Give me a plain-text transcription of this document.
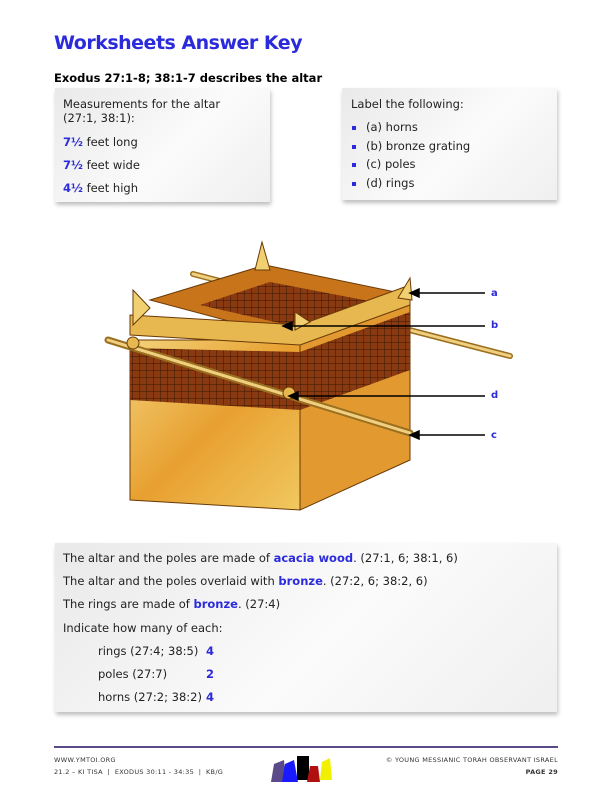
Worksheets Answer Key
Exodus 27:1-8; 38:1-7 describes the altar

Measurements for the altar (27:1, 38:1):

7½ feet long

7½ feet wide

4½ feet high

Label the following:

(a) horns
(b) bronze grating
(c) poles
(d) rings
a
b
d
c

The altar and the poles are made of acacia wood. (27:1, 6; 38:1, 6)

The altar and the poles overlaid with bronze. (27:2, 6; 38:2, 6)

The rings are made of bronze. (27:4)

Indicate how many of each:

rings (27:4; 38:5) 4

poles (27:7)	2

horns (27:2; 38:2) 4

WWW.YMTOI.ORG
21.2 – KI TISA  |  EXODUS 30:11 - 34:35  |  KB/G
© YOUNG MESSIANIC TORAH OBSERVANT ISRAEL
PAGE 29
